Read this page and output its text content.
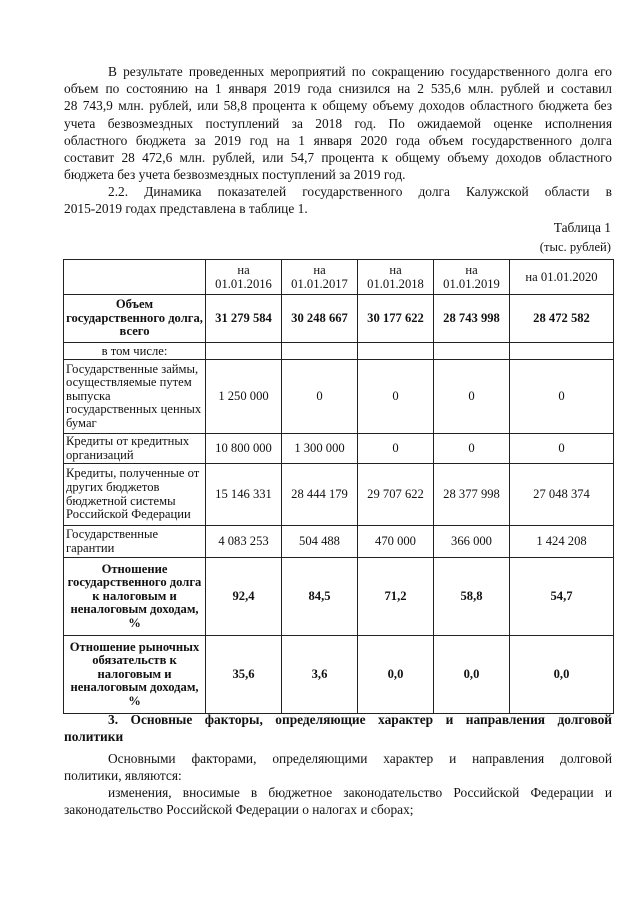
В результате проведенных мероприятий по сокращению государственного долга его
объем по состоянию на 1 января 2019 года снизился на 2 535,6 млн. рублей и составил
28 743,9 млн. рублей, или 58,8 процента к общему объему доходов областного бюджета без
учета безвозмездных поступлений за 2018 год. По ожидаемой оценке исполнения
областного бюджета за 2019 год на 1 января 2020 года объем государственного долга
составит 28 472,6 млн. рублей, или 54,7 процента к общему объему доходов областного
бюджета без учета безвозмездных поступлений за 2019 год.
2.2. Динамика показателей государственного долга Калужской области в
2015-2019 годах представлена в таблице 1.
Таблица 1
(тыс. рублей)
	на 01.01.2016	на 01.01.2017	на 01.01.2018	на 01.01.2019	на 01.01.2020
Объем государственного долга, всего	31 279 584	30 248 667	30 177 622	28 743 998	28 472 582
в том числе:					
Государственные займы, осуществляемые путем выпуска государственных ценных бумаг	1 250 000	0	0	0	0
Кредиты от кредитных организаций	10 800 000	1 300 000	0	0	0
Кредиты, полученные от других бюджетов бюджетной системы Российской Федерации	15 146 331	28 444 179	29 707 622	28 377 998	27 048 374
Государственные гарантии	4 083 253	504 488	470 000	366 000	1 424 208
Отношение государственного долга к налоговым и неналоговым доходам, %	92,4	84,5	71,2	58,8	54,7
Отношение рыночных обязательств к налоговым и неналоговым доходам, %	35,6	3,6	0,0	0,0	0,0
3. Основные факторы, определяющие характер и направления долговой
политики
Основными факторами, определяющими характер и направления долговой
политики, являются:
изменения, вносимые в бюджетное законодательство Российской Федерации и
законодательство Российской Федерации о налогах и сборах;
